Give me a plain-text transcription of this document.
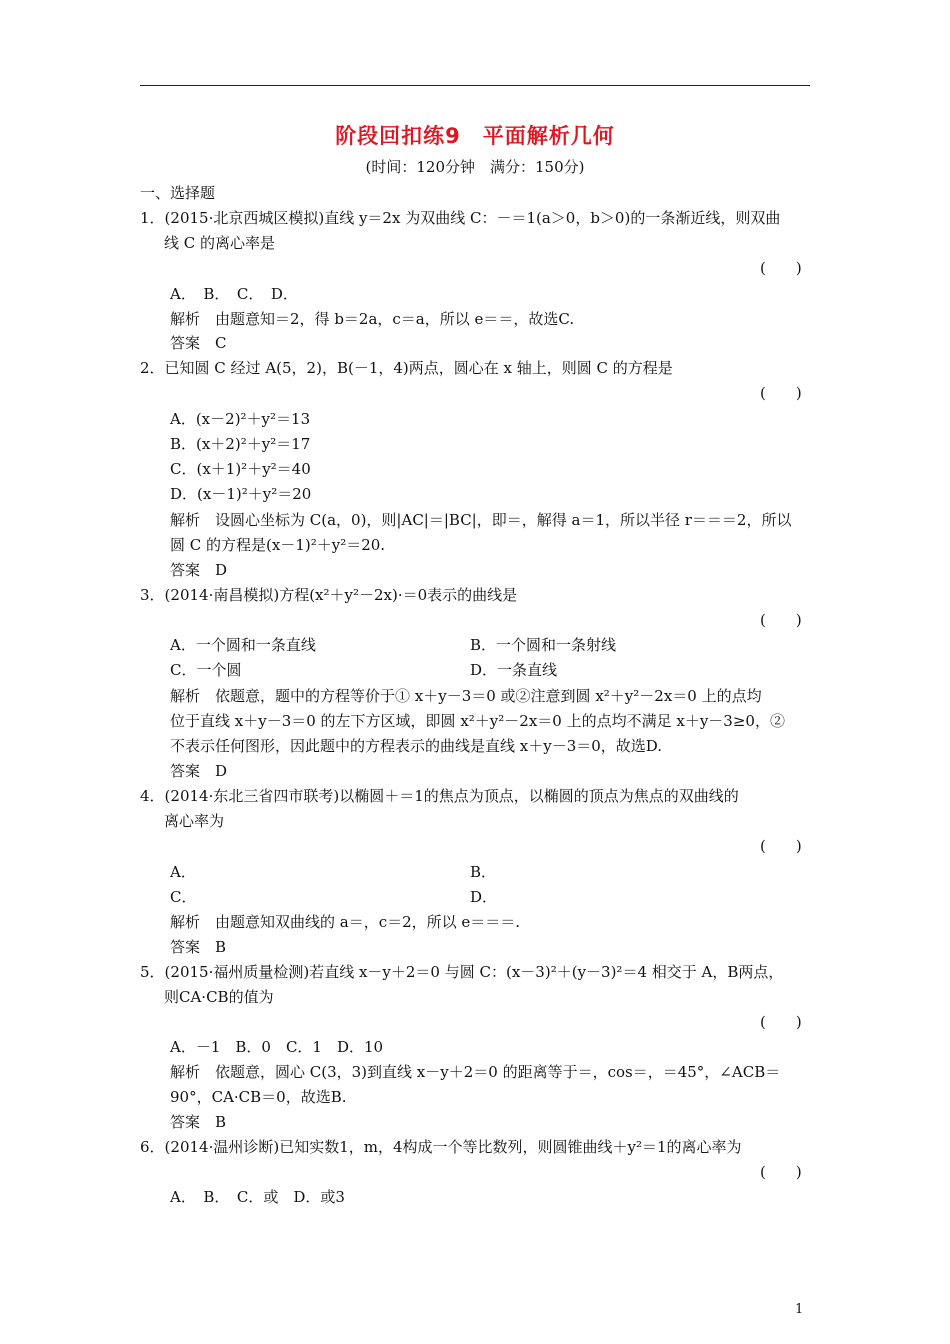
阶段回扣练9　平面解析几何
(时间：120分钟　满分：150分)
一、选择题
1．(2015·北京西城区模拟)直线 y＝2x 为双曲线 C：－＝1(a＞0，b＞0)的一条渐近线，则双曲
线 C 的离心率是
(　　)
A．　B．　C．　D．
解析　由题意知＝2，得 b＝2a，c＝a，所以 e＝＝，故选C.
答案　C
2．已知圆 C 经过 A(5，2)，B(－1，4)两点，圆心在 x 轴上，则圆 C 的方程是
(　　)
A．(x－2)²＋y²＝13
B．(x＋2)²＋y²＝17
C．(x＋1)²＋y²＝40
D．(x－1)²＋y²＝20
解析　设圆心坐标为 C(a，0)，则|AC|＝|BC|，即＝，解得 a＝1，所以半径 r＝＝＝2，所以
圆 C 的方程是(x－1)²＋y²＝20.
答案　D
3．(2014·南昌模拟)方程(x²＋y²－2x)·＝0表示的曲线是
(　　)
A．一个圆和一条直线	B．一个圆和一条射线
C．一个圆	D．一条直线
解析　依题意，题中的方程等价于① x＋y－3＝0 或②注意到圆 x²＋y²－2x＝0 上的点均
位于直线 x＋y－3＝0 的左下方区域，即圆 x²＋y²－2x＝0 上的点均不满足 x＋y－3≥0，②
不表示任何图形，因此题中的方程表示的曲线是直线 x＋y－3＝0，故选D.
答案　D
4．(2014·东北三省四市联考)以椭圆＋＝1的焦点为顶点，以椭圆的顶点为焦点的双曲线的
离心率为
(　　)
A．	B．
C．	D．
解析　由题意知双曲线的 a＝，c＝2，所以 e＝＝＝.
答案　B
5．(2015·福州质量检测)若直线 x－y＋2＝0 与圆 C：(x－3)²＋(y－3)²＝4 相交于 A，B两点，
则CA·CB的值为
(　　)
A．－1　B．0　C．1　D．10
解析　依题意，圆心 C(3，3)到直线 x－y＋2＝0 的距离等于＝，cos＝，＝45°，∠ACB＝
90°，CA·CB＝0，故选B.
答案　B
6．(2014·温州诊断)已知实数1，m，4构成一个等比数列，则圆锥曲线＋y²＝1的离心率为
(　　)
A．　B．　C．或　D．或3
1
